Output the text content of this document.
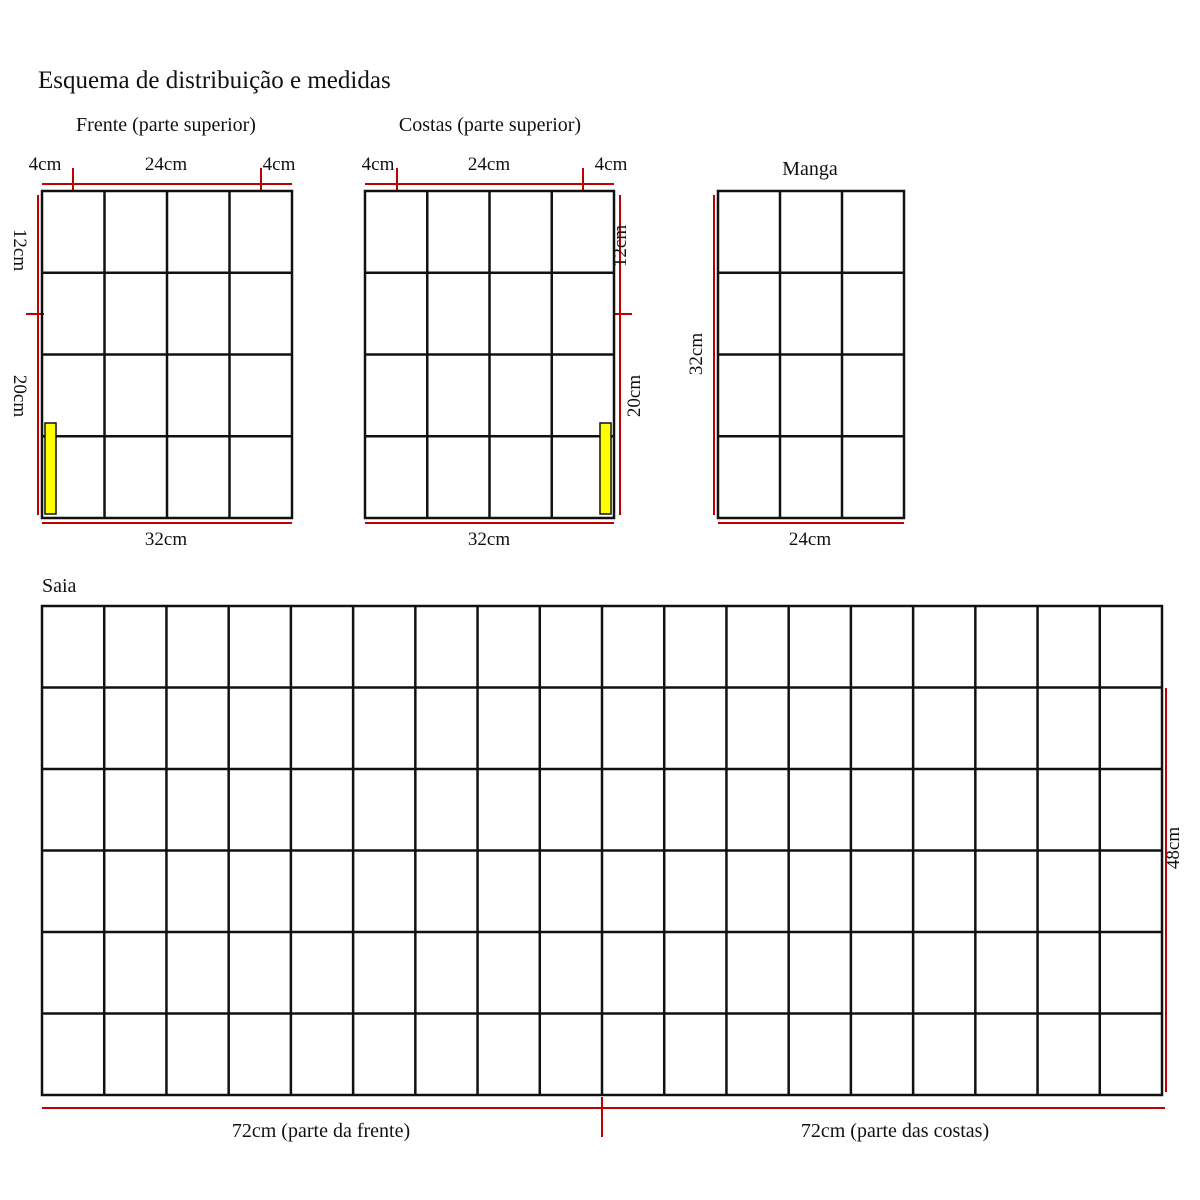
Esquema de distribuição e medidas
Frente (parte superior)
4cm	24cm	4cm
12cm
20cm
32cm
Costas (parte superior)
4cm	24cm	4cm
12cm
20cm
32cm
Manga
32cm
24cm
Saia
48cm
72cm (parte da frente)	72cm (parte das costas)
